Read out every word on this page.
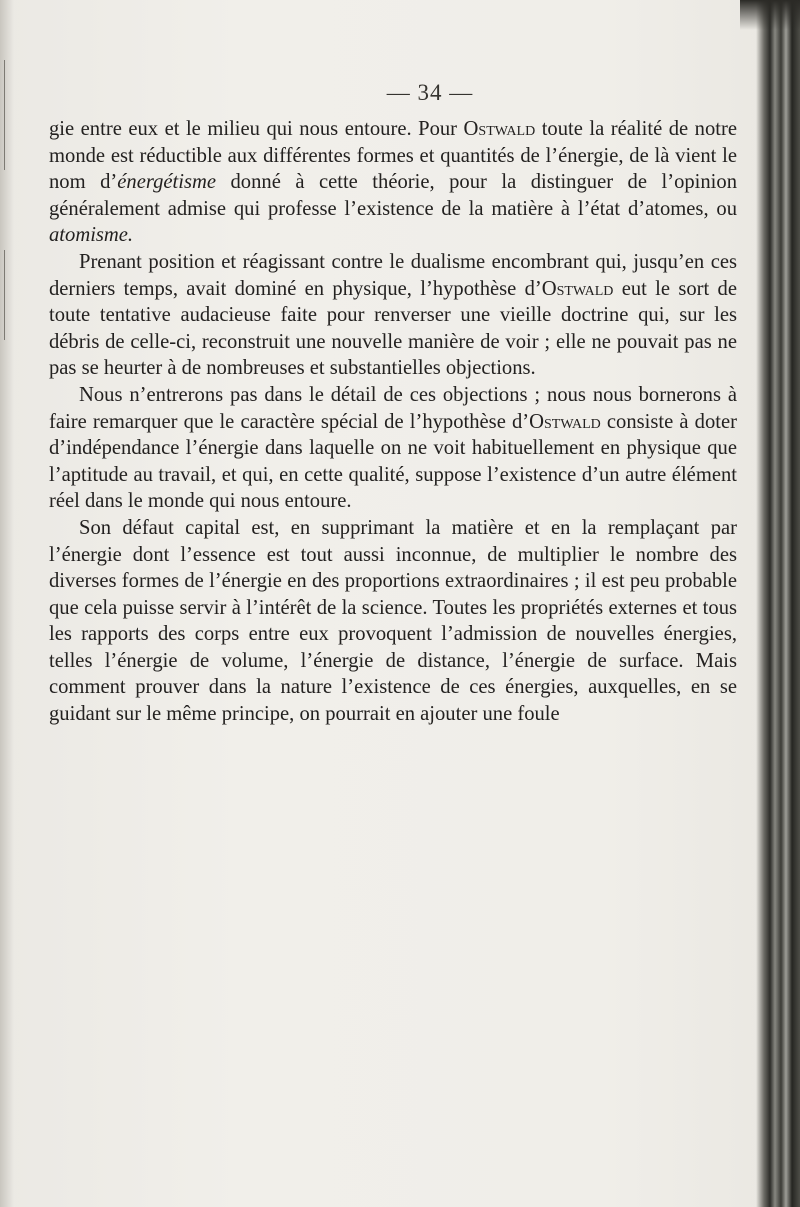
— 34 —

gie entre eux et le milieu qui nous entoure. Pour Ostwald toute la réalité de notre monde est réductible aux différentes formes et quantités de l’énergie, de là vient le nom d’énergétisme donné à cette théorie, pour la distinguer de l’opinion généralement admise qui professe l’existence de la matière à l’état d’atomes, ou atomisme.

Prenant position et réagissant contre le dualisme encombrant qui, jusqu’en ces derniers temps, avait dominé en physique, l’hypothèse d’Ostwald eut le sort de toute tentative audacieuse faite pour renverser une vieille doctrine qui, sur les débris de celle-ci, reconstruit une nouvelle manière de voir ; elle ne pouvait pas ne pas se heurter à de nombreuses et substantielles objections.

Nous n’entrerons pas dans le détail de ces objections ; nous nous bornerons à faire remarquer que le caractère spécial de l’hypothèse d’Ostwald consiste à doter d’indépendance l’énergie dans laquelle on ne voit habituellement en physique que l’aptitude au travail, et qui, en cette qualité, suppose l’existence d’un autre élément réel dans le monde qui nous entoure.

Son défaut capital est, en supprimant la matière et en la remplaçant par l’énergie dont l’essence est tout aussi inconnue, de multiplier le nombre des diverses formes de l’énergie en des proportions extraordinaires ; il est peu probable que cela puisse servir à l’intérêt de la science. Toutes les propriétés externes et tous les rapports des corps entre eux provoquent l’admission de nouvelles énergies, telles l’énergie de volume, l’énergie de distance, l’énergie de surface. Mais comment prouver dans la nature l’existence de ces énergies, auxquelles, en se guidant sur le même principe, on pourrait en ajouter une foule
